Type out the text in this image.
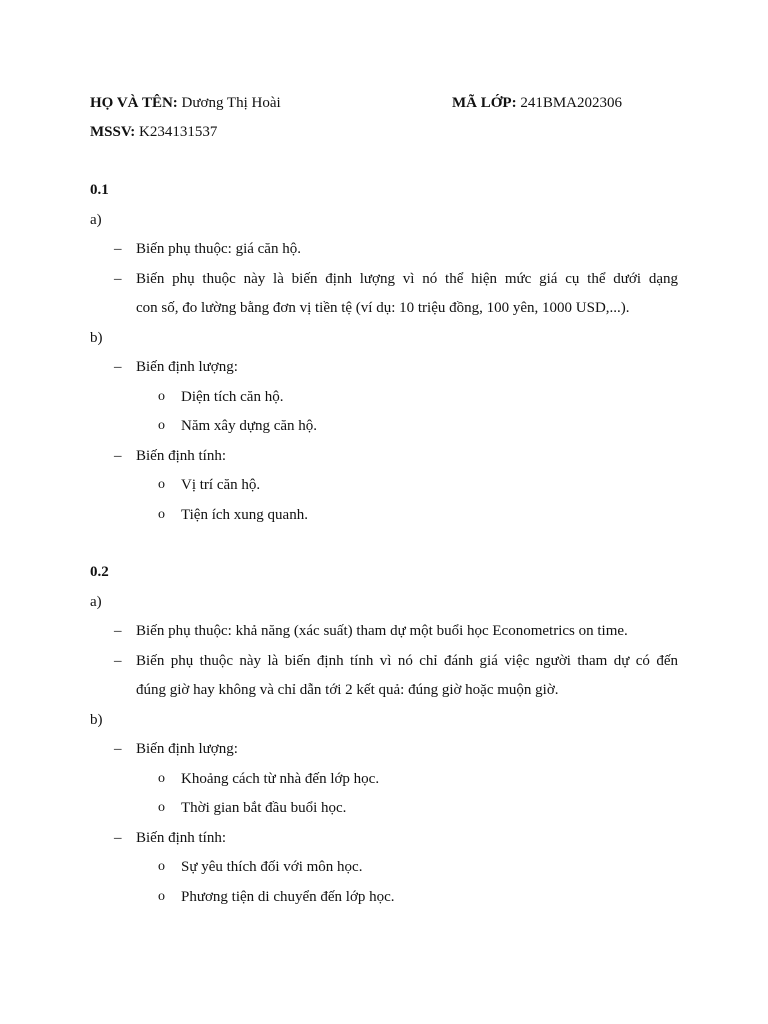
HỌ VÀ TÊN: Dương Thị Hoài	MÃ LỚP: 241BMA202306
MSSV: K234131537
0.1
a)
– Biến phụ thuộc: giá căn hộ.
– Biến phụ thuộc này là biến định lượng vì nó thể hiện mức giá cụ thể dưới dạng
con số, đo lường bằng đơn vị tiền tệ (ví dụ: 10 triệu đồng, 100 yên, 1000 USD,...).
b)
– Biến định lượng:
o Diện tích căn hộ.
o Năm xây dựng căn hộ.
– Biến định tính:
o Vị trí căn hộ.
o Tiện ích xung quanh.
0.2
a)
– Biến phụ thuộc: khả năng (xác suất) tham dự một buổi học Econometrics on time.
– Biến phụ thuộc này là biến định tính vì nó chỉ đánh giá việc người tham dự có đến
đúng giờ hay không và chỉ dẫn tới 2 kết quả: đúng giờ hoặc muộn giờ.
b)
– Biến định lượng:
o Khoảng cách từ nhà đến lớp học.
o Thời gian bắt đầu buổi học.
– Biến định tính:
o Sự yêu thích đối với môn học.
o Phương tiện di chuyển đến lớp học.
